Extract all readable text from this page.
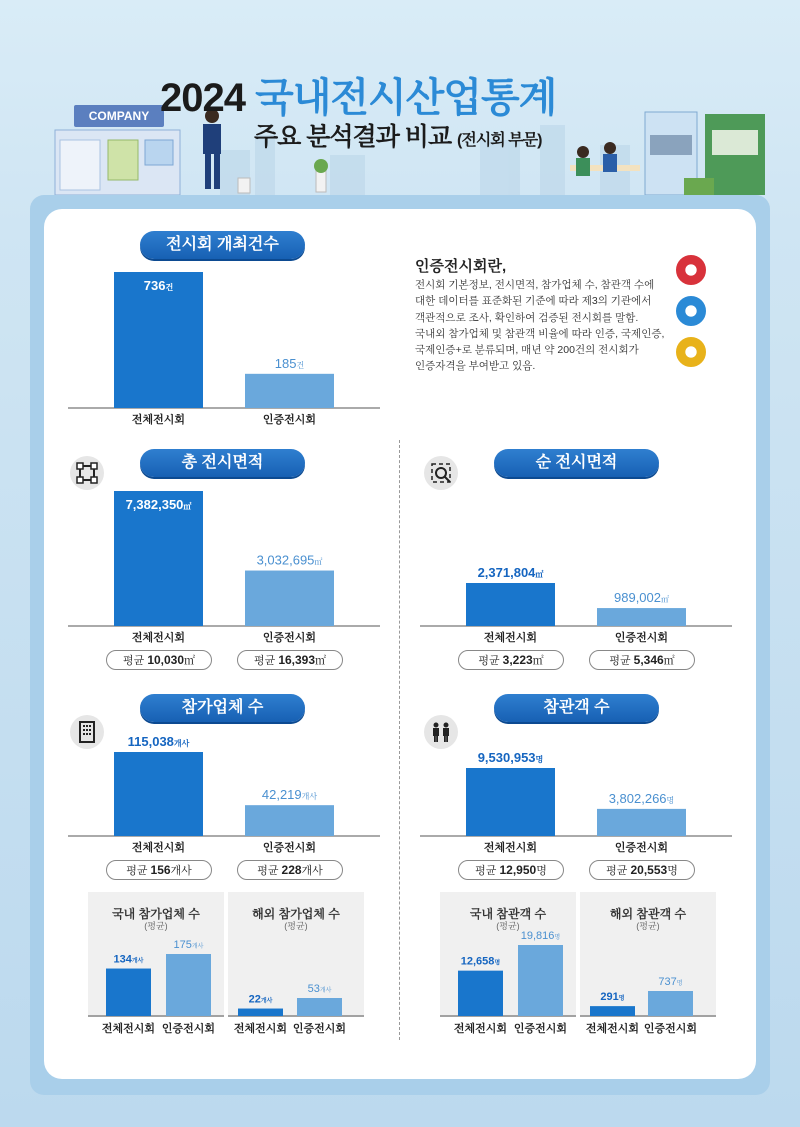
COMPANY 2024 국내전시산업통계
주요 분석결과 비교 (전시회 부문)
전시회 개최건수
총 전시면적	순 전시면적
참가업체 수	참관객 수
인증전시회란,
전시회 기본정보, 전시면적, 참가업체 수, 참관객 수에
대한 데이터를 표준화된 기준에 따라 제3의 기관에서
객관적으로 조사, 확인하여 검증된 전시회를 말함.
국내외 참가업체 및 참관객 비율에 따라 인증, 국제인증,
국제인증+로 분류되며, 매년 약 200건의 전시회가
인증자격을 부여받고 있음.
평균 10,030㎡	평균 16,393㎡	평균 3,223㎡	평균 5,346㎡
평균 156개사	평균 228개사	평균 12,950명	평균 20,553명
국내 참가업체 수
(평균)
해외 참가업체 수
(평균)
국내 참관객 수
(평균)
해외 참관객 수
(평균)
736건
전체전시회
185건
인증전시회
7,382,350㎡
전체전시회
3,032,695㎡
인증전시회
2,371,804㎡
전체전시회
989,002㎡
인증전시회
115,038개사
전체전시회
42,219개사
인증전시회
9,530,953명
전체전시회
3,802,266명
인증전시회
134개사
전체전시회
175개사
인증전시회
22개사
전체전시회
53개사
인증전시회
12,658명
전체전시회
19,816명
인증전시회
291명
전체전시회
737명
인증전시회
